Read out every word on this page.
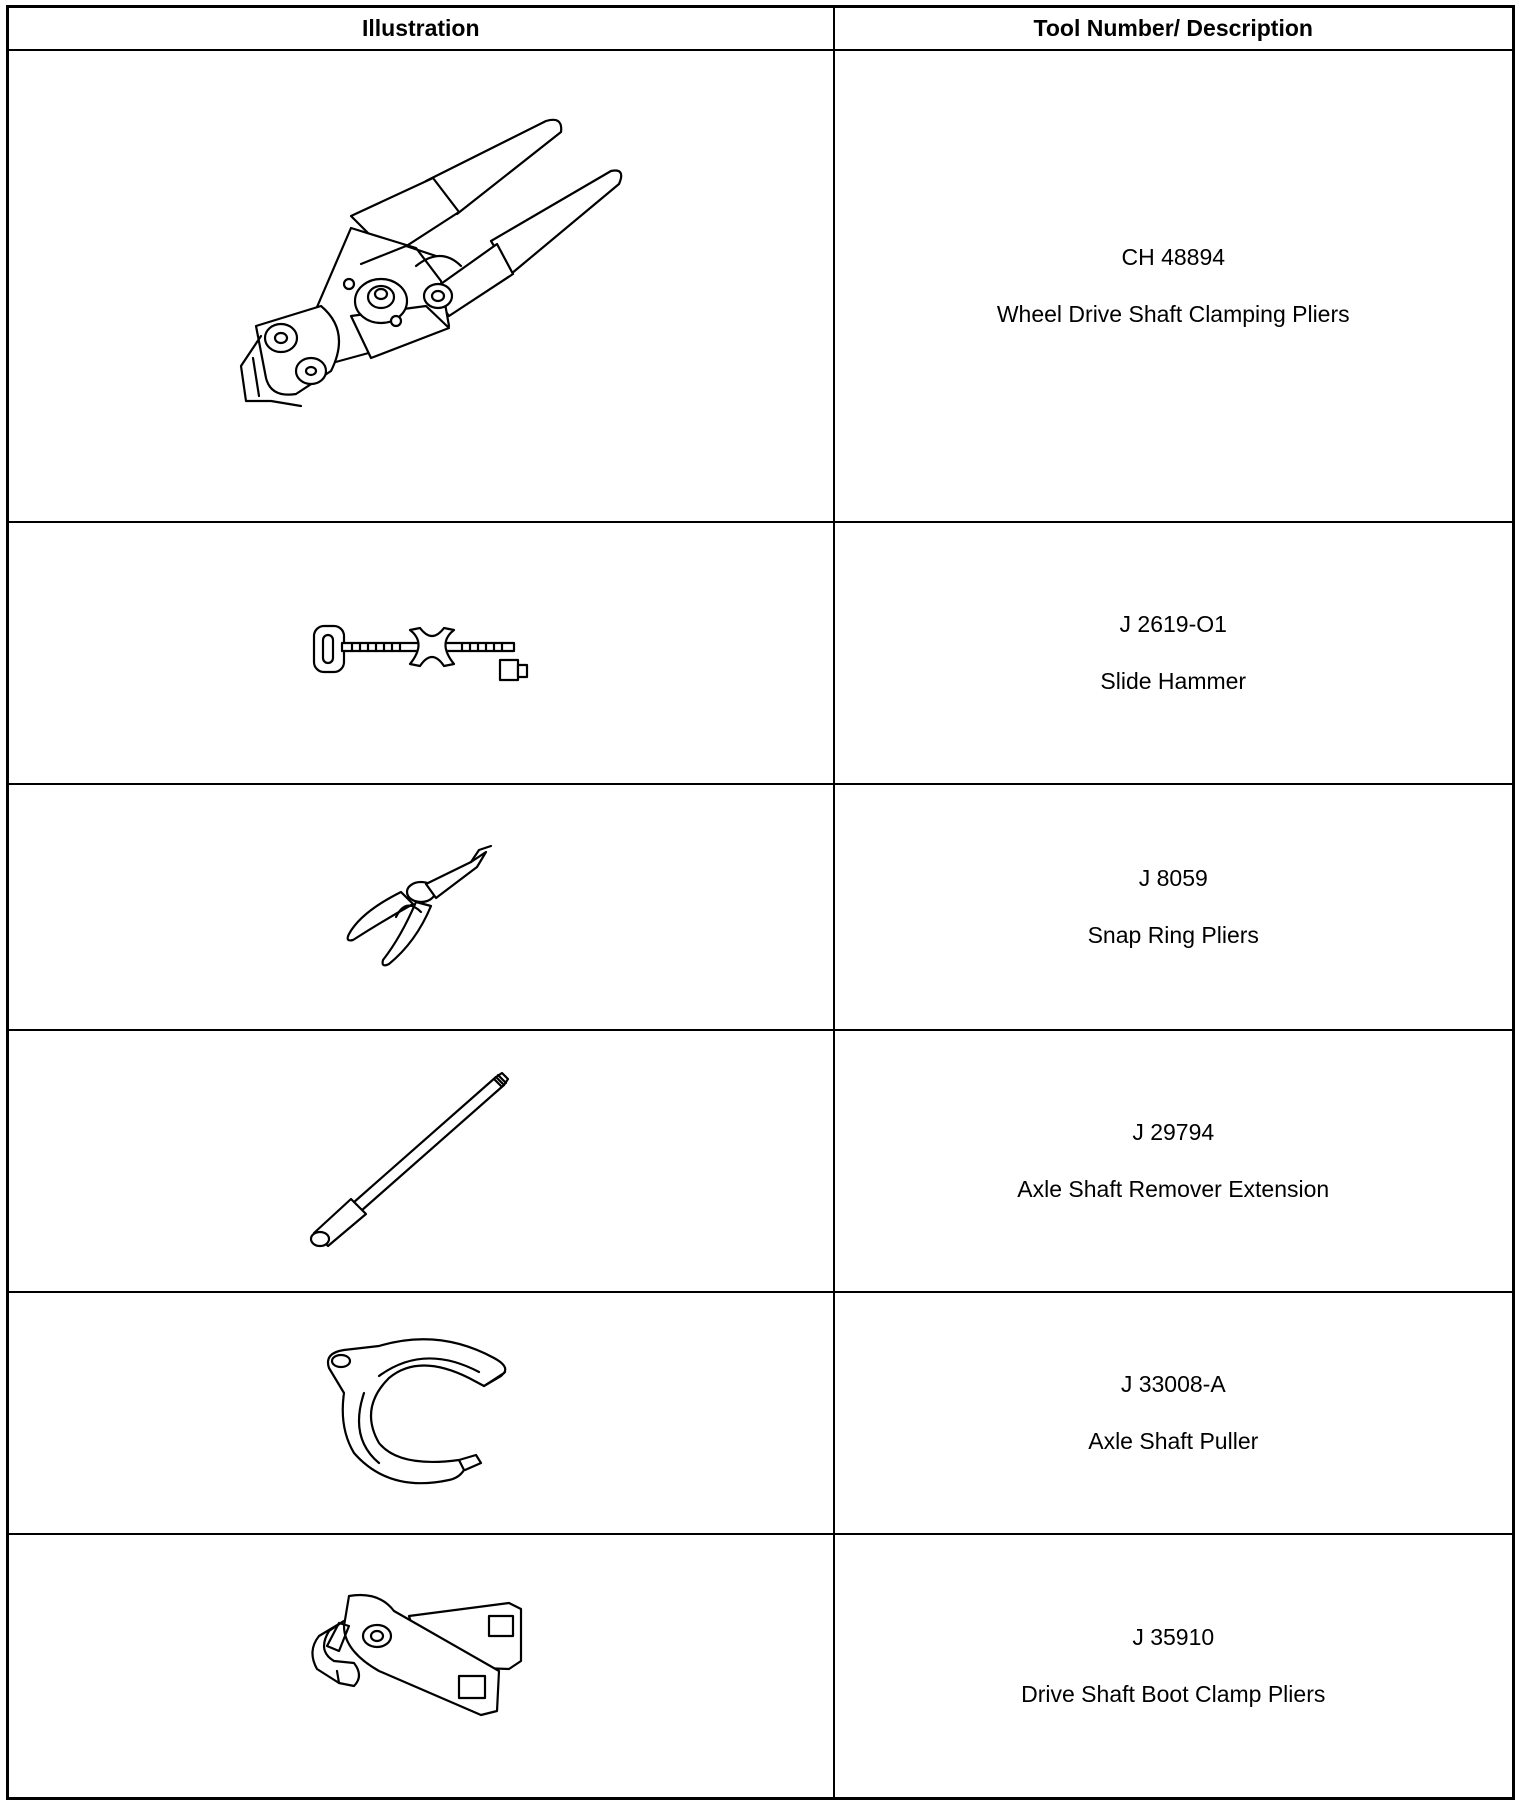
Illustration	Tool Number/ Description

CH 48894
Wheel Drive Shaft Clamping Pliers

J 2619-O1
Slide Hammer

J 8059
Snap Ring Pliers

J 29794
Axle Shaft Remover Extension

J 33008-A
Axle Shaft Puller

J 35910
Drive Shaft Boot Clamp Pliers
